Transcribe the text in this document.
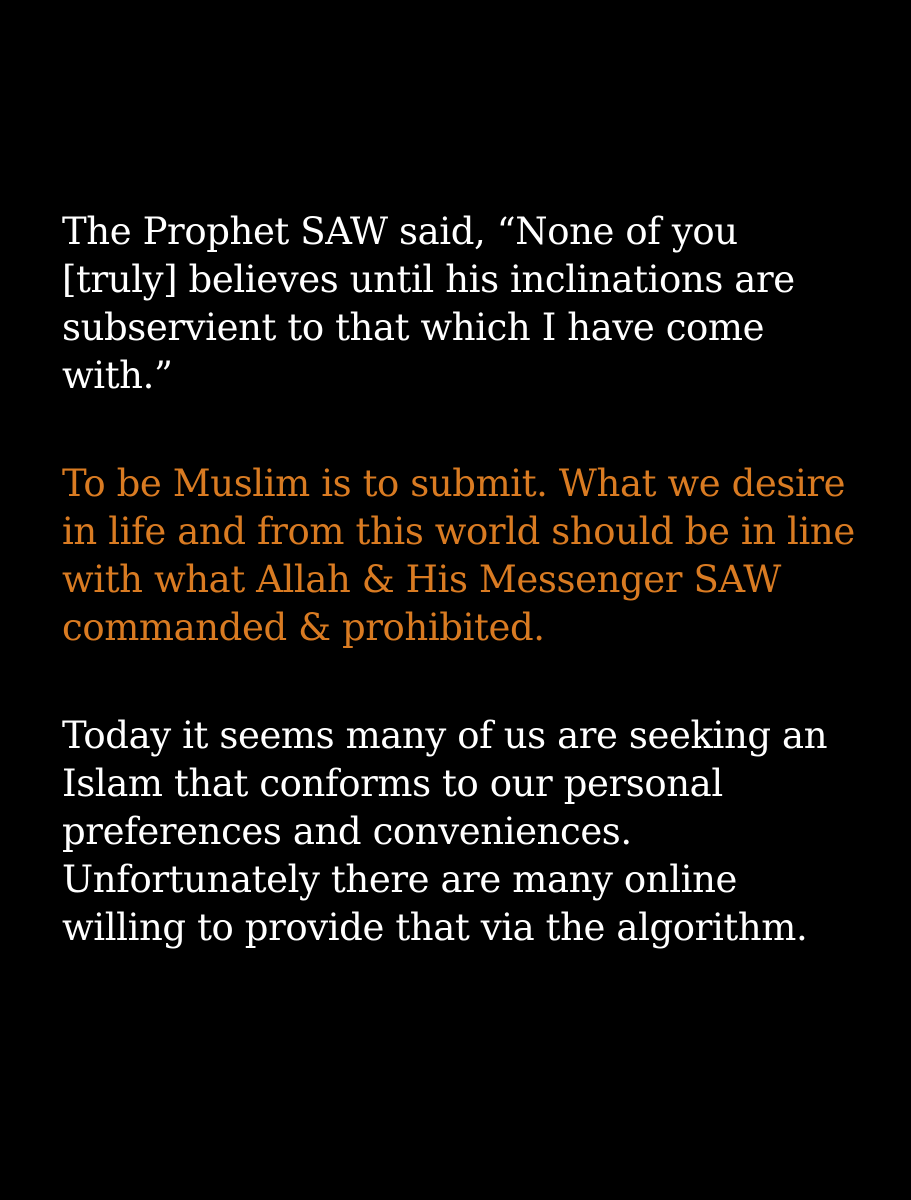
The Prophet SAW said, “None of you
[truly] believes until his inclinations are
subservient to that which I have come
with.”

To be Muslim is to submit. What we desire
in life and from this world should be in line
with what Allah & His Messenger SAW
commanded & prohibited.

Today it seems many of us are seeking an
Islam that conforms to our personal
preferences and conveniences.
Unfortunately there are many online
willing to provide that via the algorithm.
